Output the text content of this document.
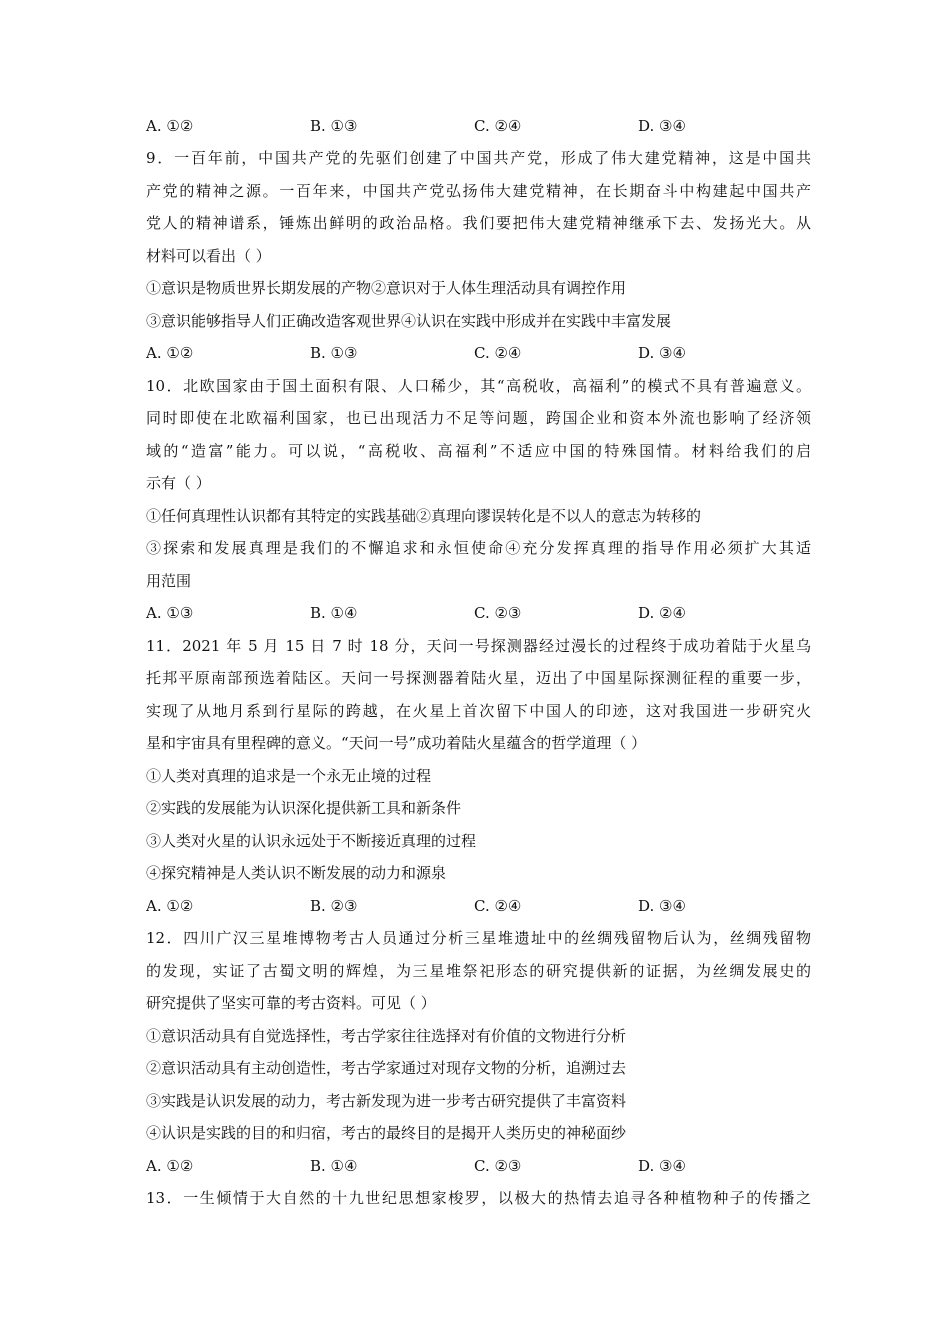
A. ①②	B. ①③	C. ②④	D. ③④
9．一百年前，中国共产党的先驱们创建了中国共产党，形成了伟大建党精神，这是中国共
产党的精神之源。一百年来，中国共产党弘扬伟大建党精神，在长期奋斗中构建起中国共产
党人的精神谱系，锤炼出鲜明的政治品格。我们要把伟大建党精神继承下去、发扬光大。从
材料可以看出（ ）
①意识是物质世界长期发展的产物②意识对于人体生理活动具有调控作用
③意识能够指导人们正确改造客观世界④认识在实践中形成并在实践中丰富发展
A. ①②	B. ①③	C. ②④	D. ③④
10．北欧国家由于国土面积有限、人口稀少，其“高税收，高福利”的模式不具有普遍意义。
同时即使在北欧福利国家，也已出现活力不足等问题，跨国企业和资本外流也影响了经济领
域的“造富”能力。可以说，“高税收、高福利”不适应中国的特殊国情。材料给我们的启
示有（ ）
①任何真理性认识都有其特定的实践基础②真理向谬误转化是不以人的意志为转移的
③探索和发展真理是我们的不懈追求和永恒使命④充分发挥真理的指导作用必须扩大其适
用范围
A. ①③	B. ①④	C. ②③	D. ②④
11．2021 年 5 月 15 日 7 时 18 分，天问一号探测器经过漫长的过程终于成功着陆于火星乌
托邦平原南部预选着陆区。天问一号探测器着陆火星，迈出了中国星际探测征程的重要一步，
实现了从地月系到行星际的跨越，在火星上首次留下中国人的印迹，这对我国进一步研究火
星和宇宙具有里程碑的意义。“天问一号”成功着陆火星蕴含的哲学道理（ ）
①人类对真理的追求是一个永无止境的过程
②实践的发展能为认识深化提供新工具和新条件
③人类对火星的认识永远处于不断接近真理的过程
④探究精神是人类认识不断发展的动力和源泉
A. ①②	B. ②③	C. ②④	D. ③④
12．四川广汉三星堆博物考古人员通过分析三星堆遗址中的丝绸残留物后认为，丝绸残留物
的发现，实证了古蜀文明的辉煌，为三星堆祭祀形态的研究提供新的证据，为丝绸发展史的
研究提供了坚实可靠的考古资料。可见（ ）
①意识活动具有自觉选择性，考古学家往往选择对有价值的文物进行分析
②意识活动具有主动创造性，考古学家通过对现存文物的分析，追溯过去
③实践是认识发展的动力，考古新发现为进一步考古研究提供了丰富资料
④认识是实践的目的和归宿，考古的最终目的是揭开人类历史的神秘面纱
A. ①②	B. ①④	C. ②③	D. ③④
13．一生倾情于大自然的十九世纪思想家梭罗，以极大的热情去追寻各种植物种子的传播之
